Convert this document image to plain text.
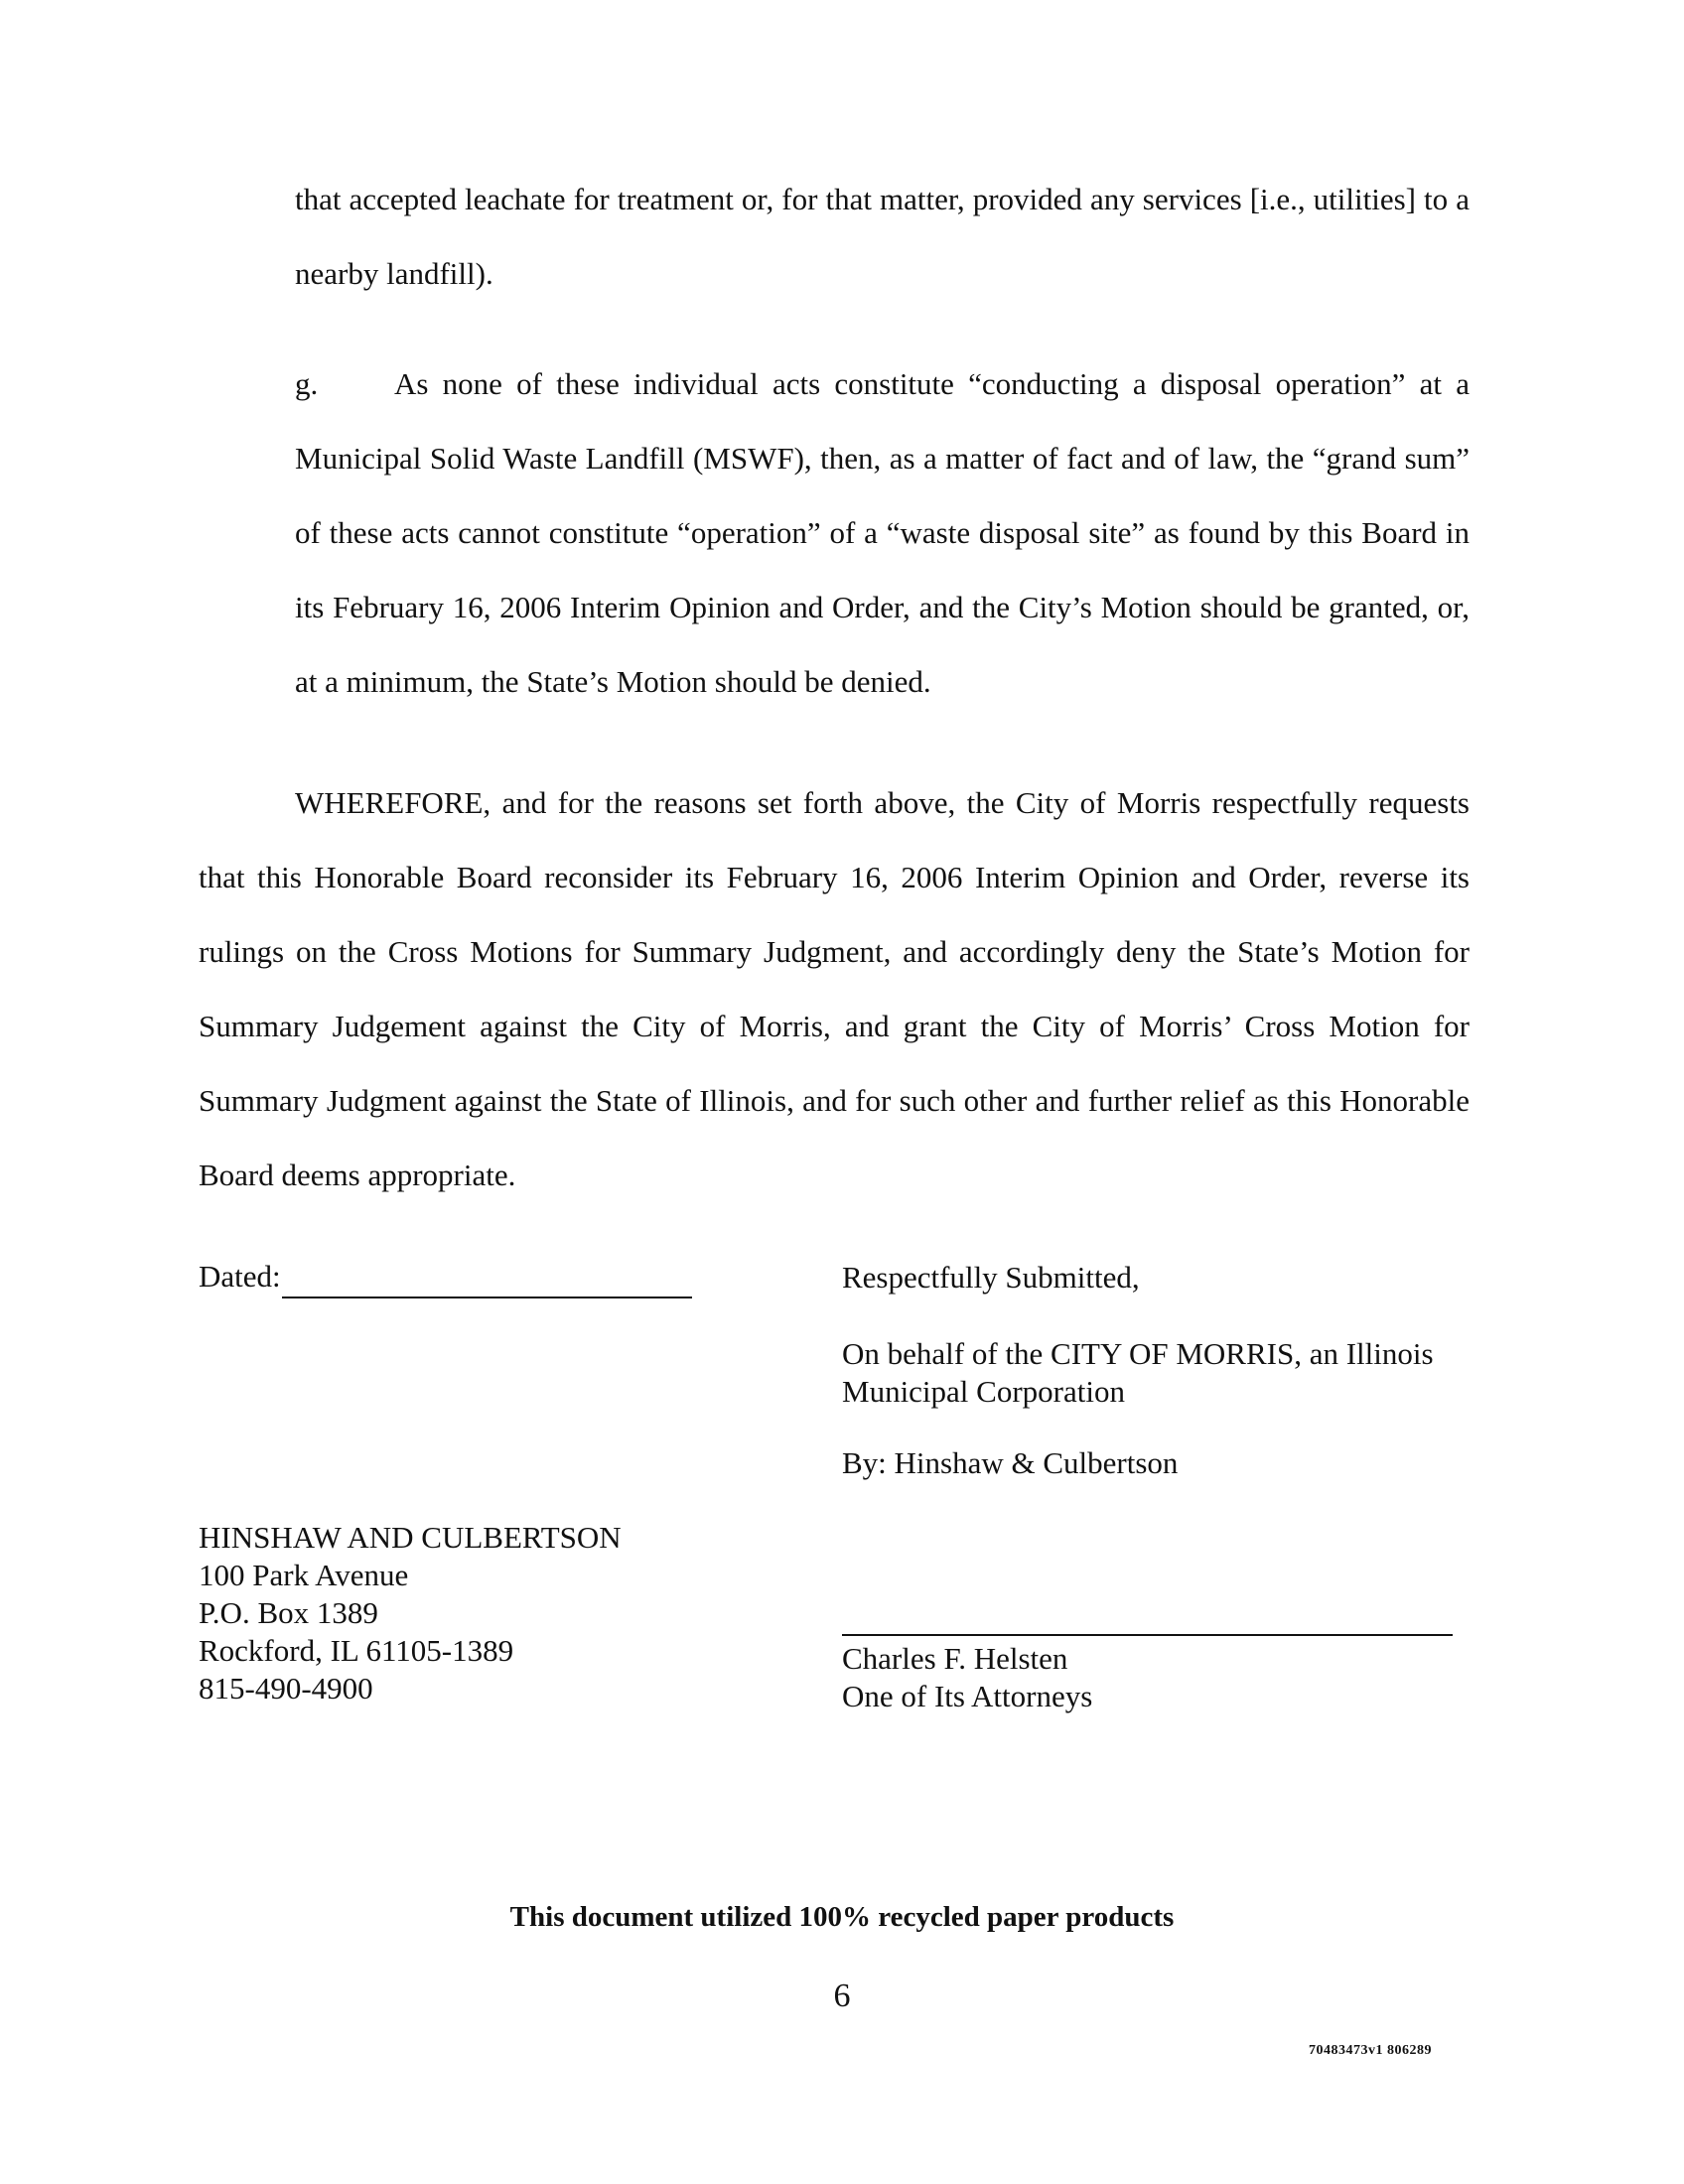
that accepted leachate for treatment or, for that matter, provided any services [i.e., utilities] to a nearby landfill).

g. As none of these individual acts constitute “conducting a disposal operation” at a Municipal Solid Waste Landfill (MSWF), then, as a matter of fact and of law, the “grand sum” of these acts cannot constitute “operation” of a “waste disposal site” as found by this Board in its February 16, 2006 Interim Opinion and Order, and the City’s Motion should be granted, or, at a minimum, the State’s Motion should be denied.

WHEREFORE, and for the reasons set forth above, the City of Morris respectfully requests that this Honorable Board reconsider its February 16, 2006 Interim Opinion and Order, reverse its rulings on the Cross Motions for Summary Judgment, and accordingly deny the State’s Motion for Summary Judgement against the City of Morris, and grant the City of Morris’ Cross Motion for Summary Judgment against the State of Illinois, and for such other and further relief as this Honorable Board deems appropriate.

Dated:	Respectfully Submitted,
On behalf of the CITY OF MORRIS, an Illinois Municipal Corporation
By: Hinshaw & Culbertson
HINSHAW AND CULBERTSON
100 Park Avenue
P.O. Box 1389
Rockford, IL 61105-1389
815-490-4900
Charles F. Helsten
One of Its Attorneys
This document utilized 100% recycled paper products
6
70483473v1 806289
